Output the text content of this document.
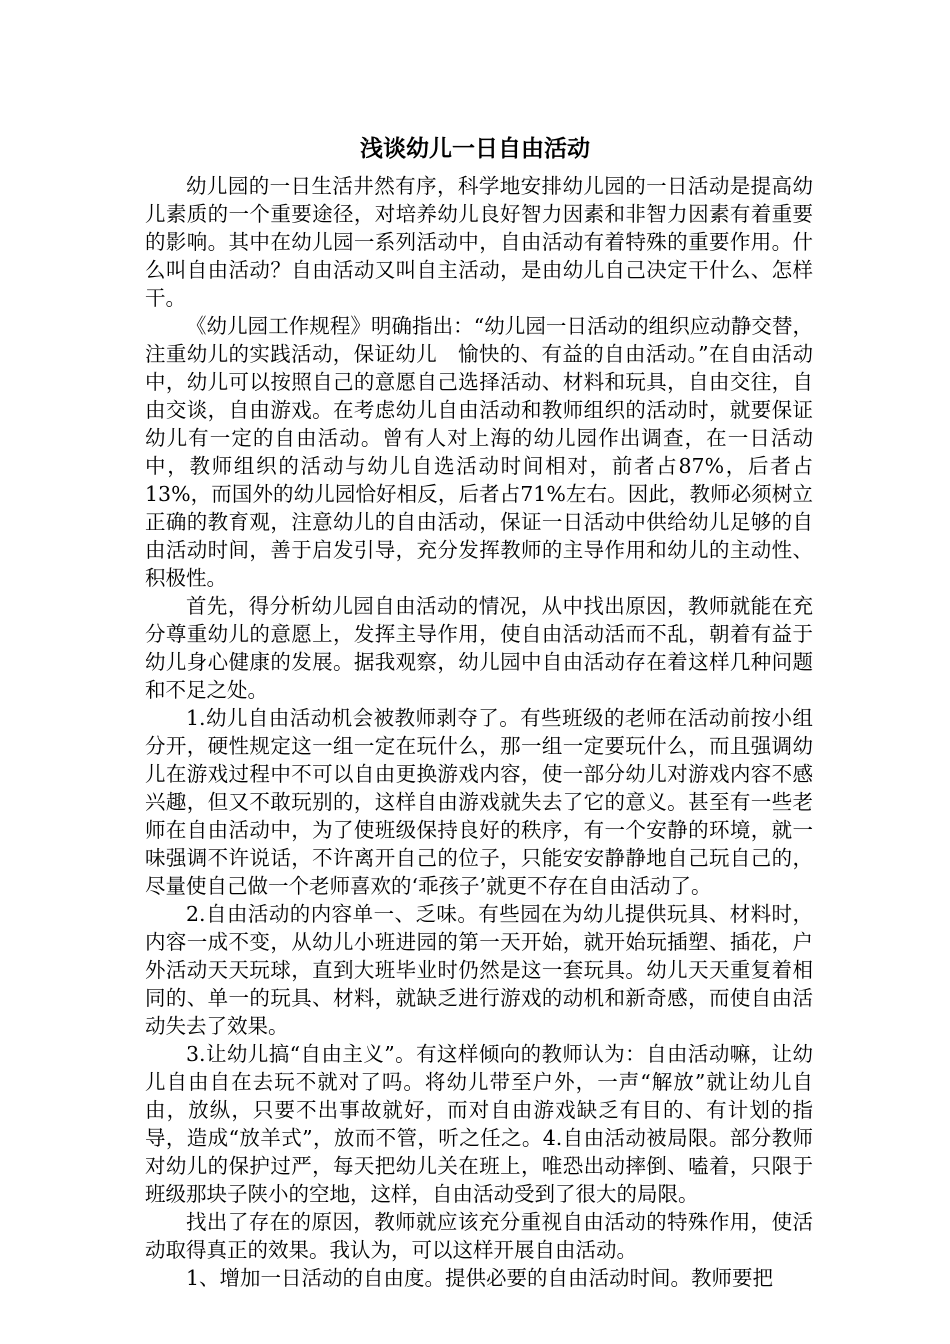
浅谈幼儿一日自由活动

幼儿园的一日生活井然有序，科学地安排幼儿园的一日活动是提高幼儿素质的一个重要途径，对培养幼儿良好智力因素和非智力因素有着重要的影响。其中在幼儿园一系列活动中，自由活动有着特殊的重要作用。什么叫自由活动？自由活动又叫自主活动，是由幼儿自己决定干什么、怎样干。

《幼儿园工作规程》明确指出：“幼儿园一日活动的组织应动静交替，注重幼儿的实践活动，保证幼儿　愉快的、有益的自由活动。”在自由活动中，幼儿可以按照自己的意愿自己选择活动、材料和玩具，自由交往，自由交谈，自由游戏。在考虑幼儿自由活动和教师组织的活动时，就要保证幼儿有一定的自由活动。曾有人对上海的幼儿园作出调查，在一日活动中，教师组织的活动与幼儿自选活动时间相对，前者占87%，后者占13%，而国外的幼儿园恰好相反，后者占71%左右。因此，教师必须树立正确的教育观，注意幼儿的自由活动，保证一日活动中供给幼儿足够的自由活动时间，善于启发引导，充分发挥教师的主导作用和幼儿的主动性、积极性。

首先，得分析幼儿园自由活动的情况，从中找出原因，教师就能在充分尊重幼儿的意愿上，发挥主导作用，使自由活动活而不乱，朝着有益于幼儿身心健康的发展。据我观察，幼儿园中自由活动存在着这样几种问题和不足之处。

1.幼儿自由活动机会被教师剥夺了。有些班级的老师在活动前按小组分开，硬性规定这一组一定在玩什么，那一组一定要玩什么，而且强调幼儿在游戏过程中不可以自由更换游戏内容，使一部分幼儿对游戏内容不感兴趣，但又不敢玩别的，这样自由游戏就失去了它的意义。甚至有一些老师在自由活动中，为了使班级保持良好的秩序，有一个安静的环境，就一味强调不许说话，不许离开自己的位子，只能安安静静地自己玩自己的，尽量使自己做一个老师喜欢的‘乖孩子’就更不存在自由活动了。

2.自由活动的内容单一、乏味。有些园在为幼儿提供玩具、材料时，内容一成不变，从幼儿小班进园的第一天开始，就开始玩插塑、插花，户外活动天天玩球，直到大班毕业时仍然是这一套玩具。幼儿天天重复着相同的、单一的玩具、材料，就缺乏进行游戏的动机和新奇感，而使自由活动失去了效果。

3.让幼儿搞“自由主义”。有这样倾向的教师认为：自由活动嘛，让幼儿自由自在去玩不就对了吗。将幼儿带至户外，一声“解放”就让幼儿自由，放纵，只要不出事故就好，而对自由游戏缺乏有目的、有计划的指导，造成“放羊式”，放而不管，听之任之。4.自由活动被局限。部分教师对幼儿的保护过严，每天把幼儿关在班上，唯恐出动摔倒、嗑着，只限于班级那块子陕小的空地，这样，自由活动受到了很大的局限。

找出了存在的原因，教师就应该充分重视自由活动的特殊作用，使活动取得真正的效果。我认为，可以这样开展自由活动。

1、增加一日活动的自由度。提供必要的自由活动时间。教师要把
